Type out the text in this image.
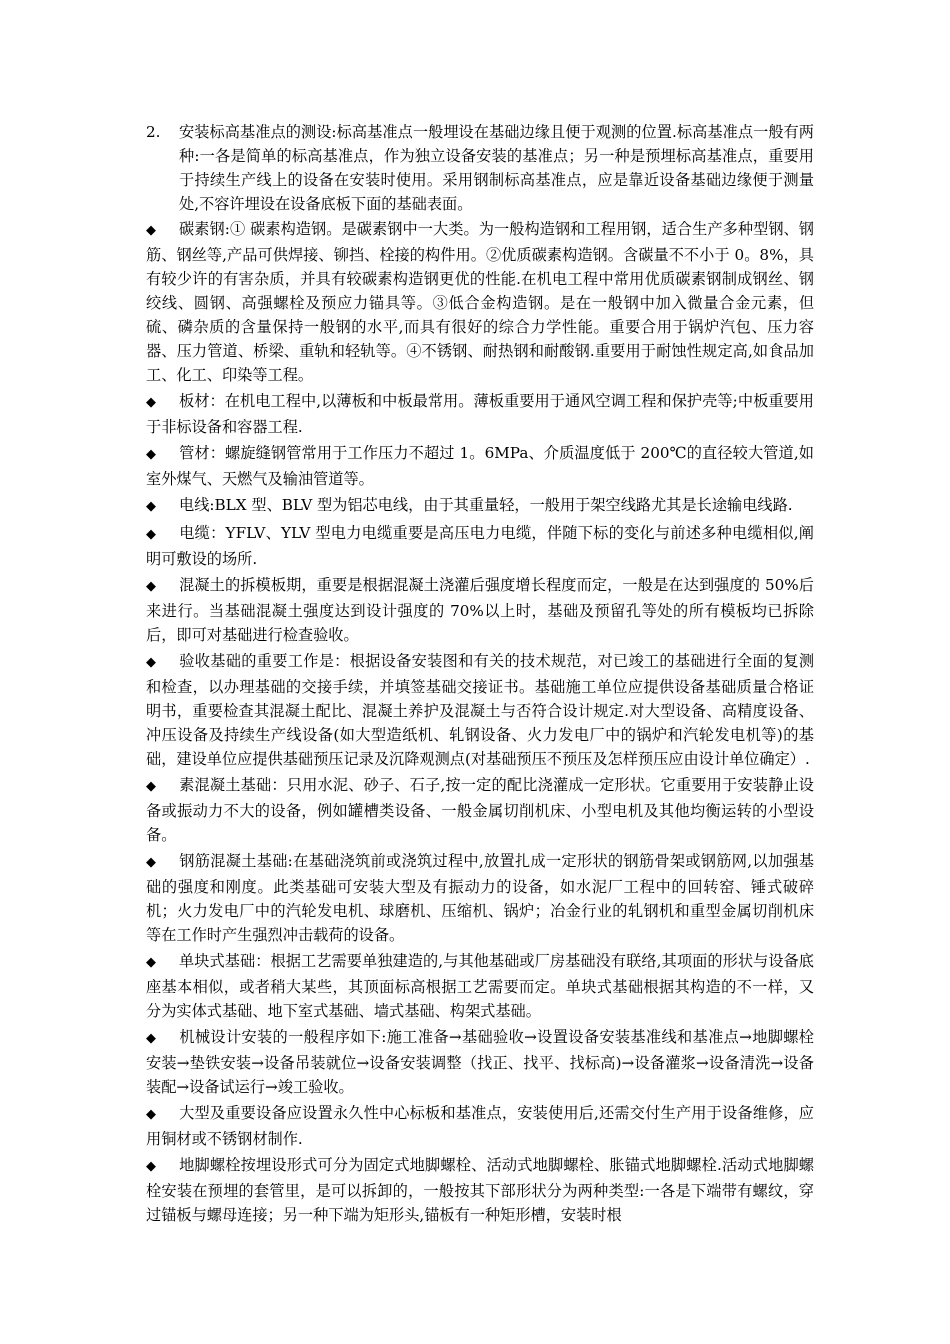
2. 安装标高基准点的测设:标高基准点一般埋设在基础边缘且便于观测的位置.标高基准点一般有两种:一各是简单的标高基准点，作为独立设备安装的基准点；另一种是预埋标高基准点，重要用于持续生产线上的设备在安装时使用。采用钢制标高基准点，应是靠近设备基础边缘便于测量处,不容许埋设在设备底板下面的基础表面。

◆ 碳素钢:① 碳素构造钢。是碳素钢中一大类。为一般构造钢和工程用钢，适合生产多种型钢、钢筋、钢丝等,产品可供焊接、铆挡、栓接的构件用。②优质碳素构造钢。含碳量不不小于 0。8%，具有较少许的有害杂质，并具有较碳素构造钢更优的性能.在机电工程中常用优质碳素钢制成钢丝、钢绞线、圆钢、高强螺栓及预应力锚具等。③低合金构造钢。是在一般钢中加入微量合金元素，但硫、磷杂质的含量保持一般钢的水平,而具有很好的综合力学性能。重要合用于锅炉汽包、压力容器、压力管道、桥梁、重轨和轻轨等。④不锈钢、耐热钢和耐酸钢.重要用于耐蚀性规定高,如食品加工、化工、印染等工程。

◆ 板材：在机电工程中,以薄板和中板最常用。薄板重要用于通风空调工程和保护壳等;中板重要用于非标设备和容器工程.

◆ 管材：螺旋缝钢管常用于工作压力不超过 1。6MPa、介质温度低于 200℃的直径较大管道,如室外煤气、天燃气及输油管道等。

◆ 电线:BLX 型、BLV 型为铝芯电线，由于其重量轻，一般用于架空线路尤其是长途输电线路.

◆ 电缆：YFLV、YLV 型电力电缆重要是高压电力电缆，伴随下标的变化与前述多种电缆相似,阐明可敷设的场所.

◆ 混凝土的拆模板期，重要是根据混凝土浇灌后强度增长程度而定，一般是在达到强度的 50%后来进行。当基础混凝土强度达到设计强度的 70%以上时，基础及预留孔等处的所有模板均已拆除后，即可对基础进行检查验收。

◆ 验收基础的重要工作是：根据设备安装图和有关的技术规范，对已竣工的基础进行全面的复测和检查，以办理基础的交接手续，并填签基础交接证书。基础施工单位应提供设备基础质量合格证明书，重要检查其混凝土配比、混凝土养护及混凝土与否符合设计规定.对大型设备、高精度设备、冲压设备及持续生产线设备(如大型造纸机、轧钢设备、火力发电厂中的锅炉和汽轮发电机等)的基础，建设单位应提供基础预压记录及沉降观测点(对基础预压不预压及怎样预压应由设计单位确定）.

◆ 素混凝土基础：只用水泥、砂子、石子,按一定的配比浇灌成一定形状。它重要用于安装静止设备或振动力不大的设备，例如罐槽类设备、一般金属切削机床、小型电机及其他均衡运转的小型设备。

◆ 钢筋混凝土基础:在基础浇筑前或浇筑过程中,放置扎成一定形状的钢筋骨架或钢筋网,以加强基础的强度和刚度。此类基础可安装大型及有振动力的设备，如水泥厂工程中的回转窑、锤式破碎机；火力发电厂中的汽轮发电机、球磨机、压缩机、锅炉；冶金行业的轧钢机和重型金属切削机床等在工作时产生强烈冲击载荷的设备。

◆ 单块式基础：根据工艺需要单独建造的,与其他基础或厂房基础没有联络,其项面的形状与设备底座基本相似，或者稍大某些，其顶面标高根据工艺需要而定。单块式基础根据其构造的不一样，又分为实体式基础、地下室式基础、墙式基础、构架式基础。

◆ 机械设计安装的一般程序如下:施工准备→基础验收→设置设备安装基准线和基准点→地脚螺栓安装→垫铁安装→设备吊装就位→设备安装调整（找正、找平、找标高)→设备灌浆→设备清洗→设备装配→设备试运行→竣工验收。

◆ 大型及重要设备应设置永久性中心标板和基准点，安装使用后,还需交付生产用于设备维修，应用铜材或不锈钢材制作.

◆ 地脚螺栓按埋设形式可分为固定式地脚螺栓、活动式地脚螺栓、胀锚式地脚螺栓.活动式地脚螺栓安装在预埋的套管里，是可以拆卸的，一般按其下部形状分为两种类型:一各是下端带有螺纹，穿过锚板与螺母连接；另一种下端为矩形头,锚板有一种矩形槽，安装时根
